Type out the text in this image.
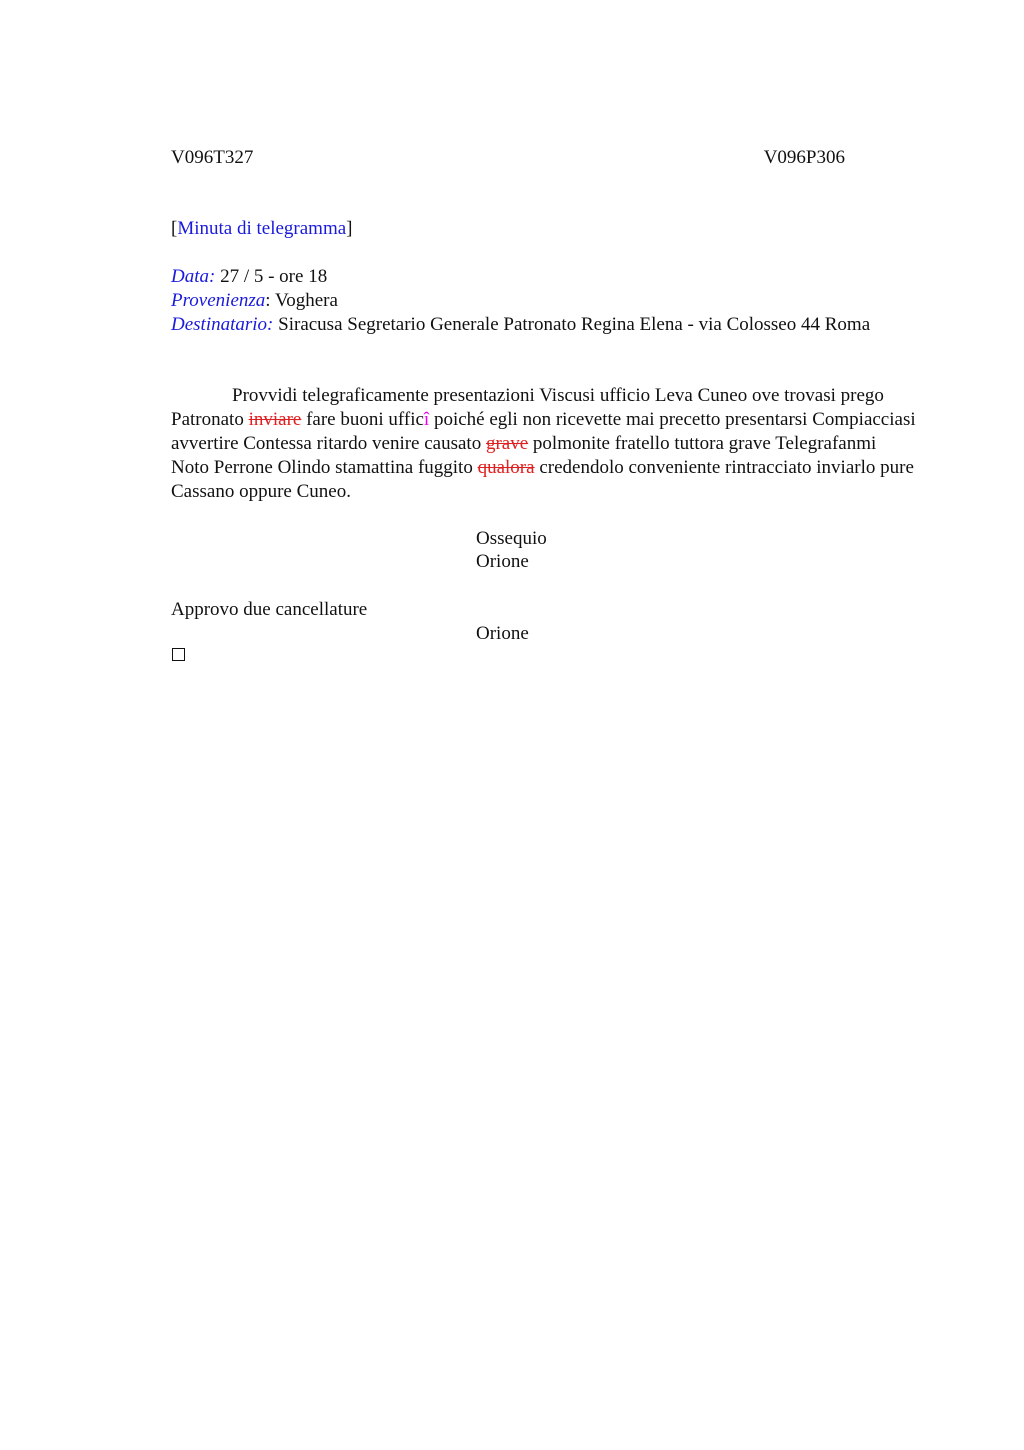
V096T327	V096P306
[Minuta di telegramma]
Data: 27 / 5 - ore 18
Provenienza: Voghera
Destinatario: Siracusa Segretario Generale Patronato Regina Elena - via Colosseo 44 Roma
Provvidi telegraficamente presentazioni Viscusi ufficio Leva Cuneo ove trovasi prego Patronato inviare fare buoni ufficî poiché egli non ricevette mai precetto presentarsi Compiacciasi avvertire Contessa ritardo venire causato grave polmonite fratello tuttora grave Telegrafanmi Noto Perrone Olindo stamattina fuggito qualora credendolo conveniente rintracciato inviarlo pure Cassano oppure Cuneo.
Ossequio
Orione
Approvo due cancellature
Orione
